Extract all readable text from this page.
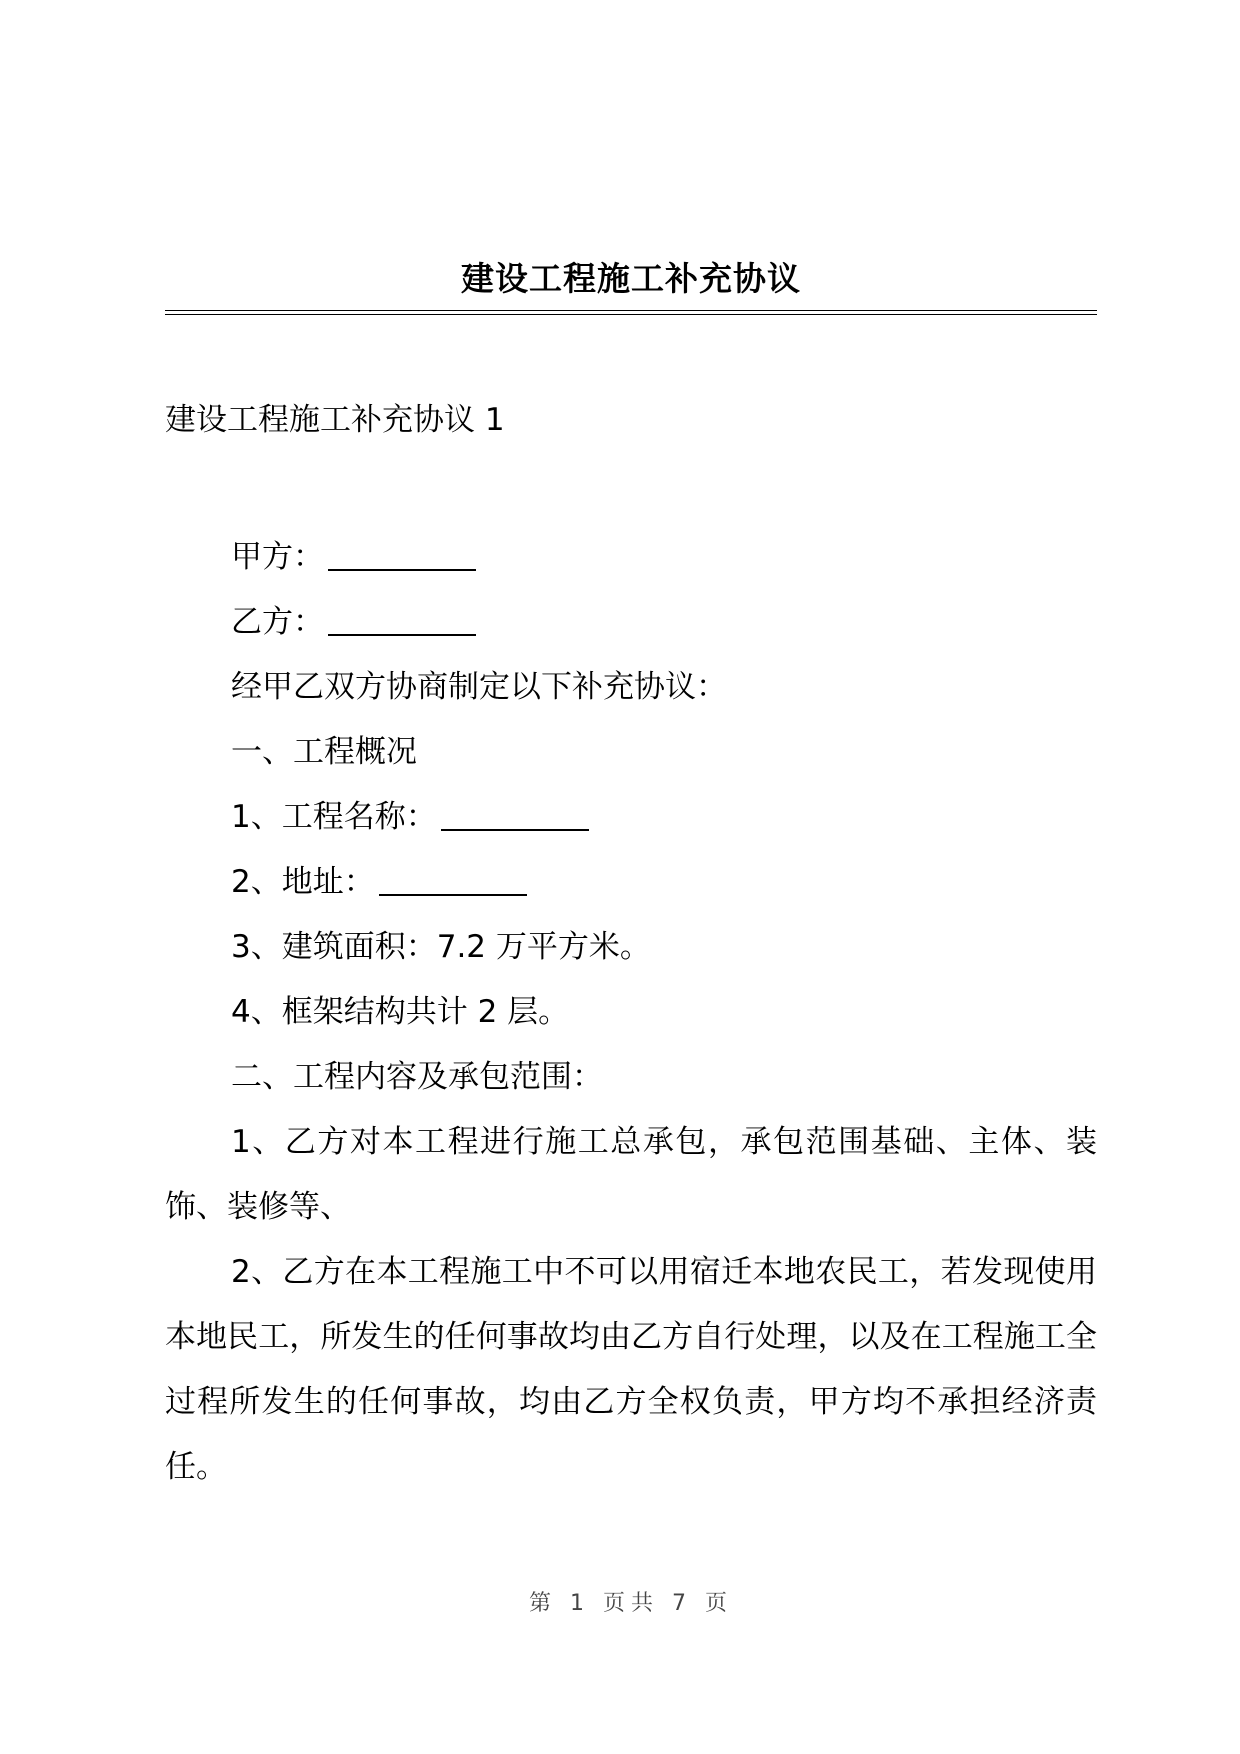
建设工程施工补充协议
建设工程施工补充协议 1

甲方：

乙方：

经甲乙双方协商制定以下补充协议：

一、工程概况

1、工程名称：

2、地址：

3、建筑面积：7.2 万平方米。

4、框架结构共计 2 层。

二、工程内容及承包范围：

1、乙方对本工程进行施工总承包，承包范围基础、主体、装饰、装修等、

2、乙方在本工程施工中不可以用宿迁本地农民工，若发现使用本地民工，所发生的任何事故均由乙方自行处理，以及在工程施工全过程所发生的任何事故，均由乙方全权负责，甲方均不承担经济责任。

第 1 页共 7 页
